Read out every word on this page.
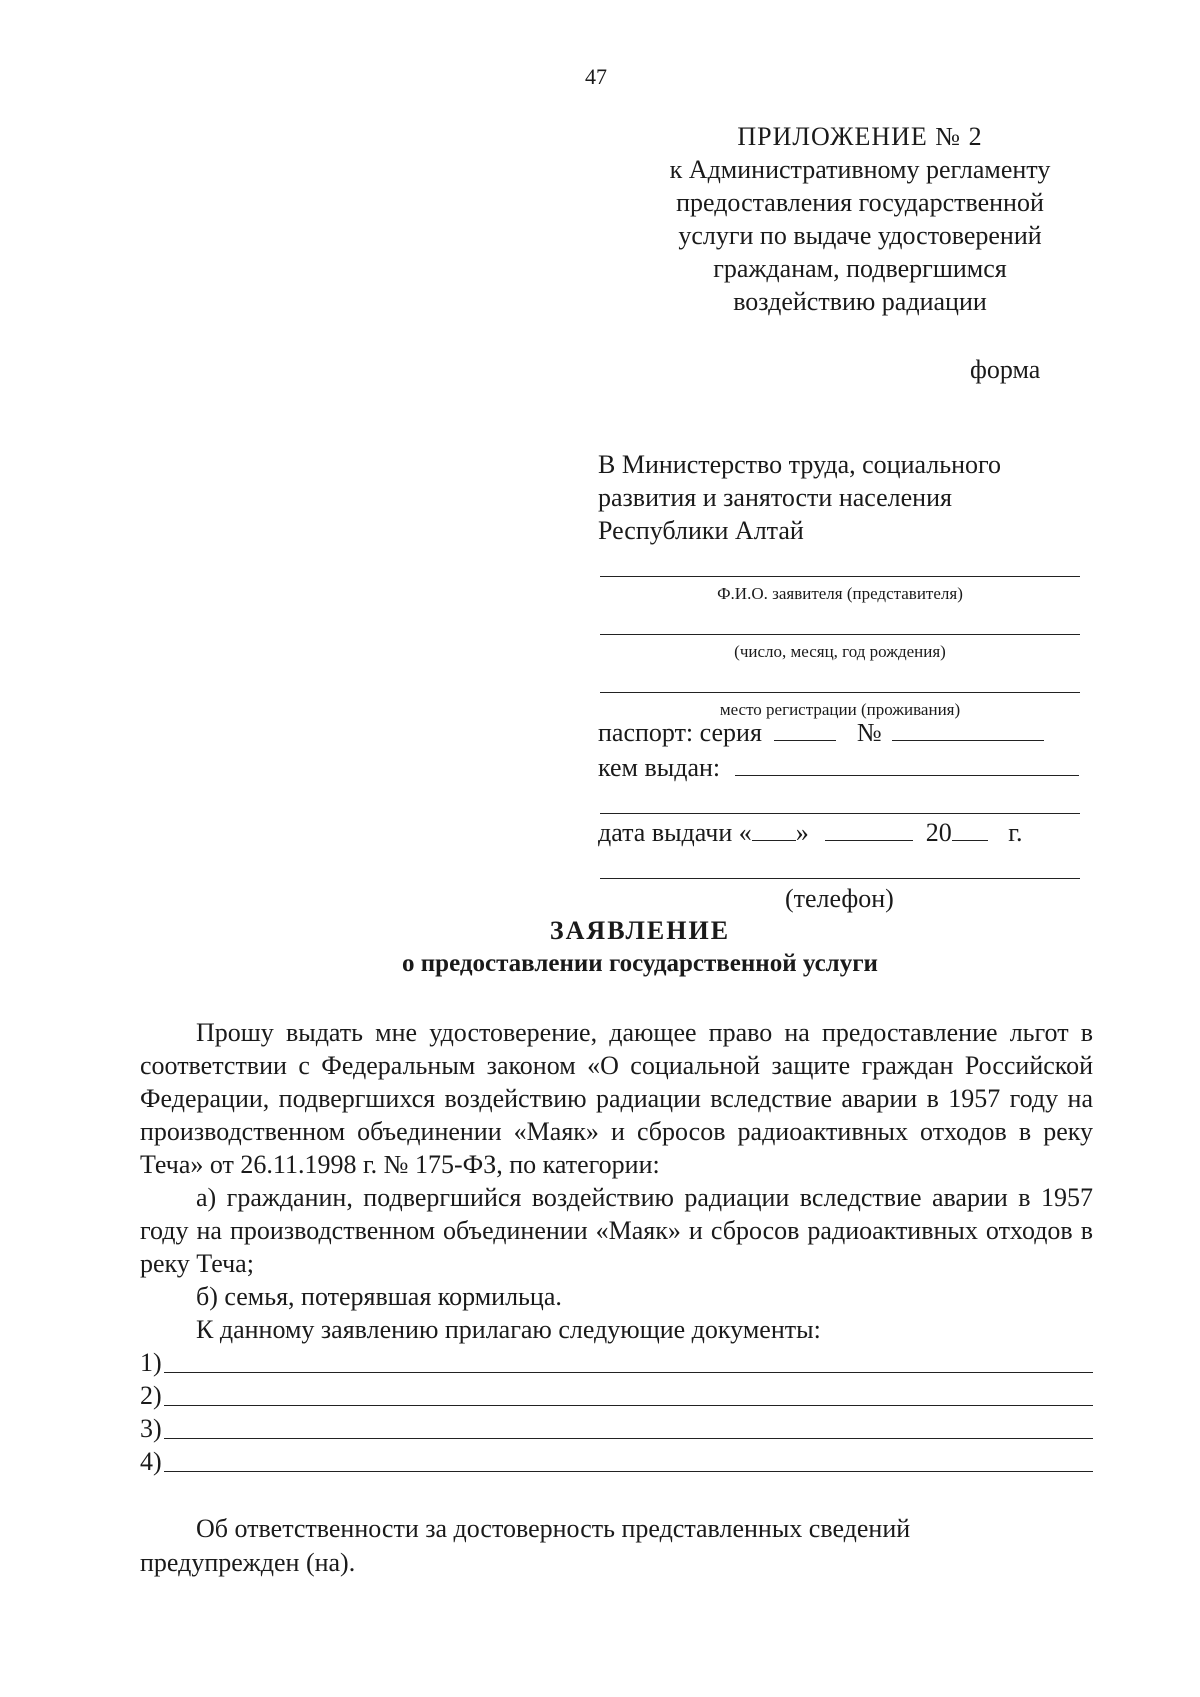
47
ПРИЛОЖЕНИЕ № 2
к Административному регламенту
предоставления государственной
услуги по выдаче удостоверений
гражданам, подвергшимся
воздействию радиации
форма
В Министерство труда, социального
развития и занятости населения
Республики Алтай
Ф.И.О. заявителя (представителя)
(число, месяц, год рождения)
место регистрации (проживания)
паспорт: серия	№
кем выдан:
дата выдачи « »	20 г.
(телефон)
ЗАЯВЛЕНИЕ
о предоставлении государственной услуги

Прошу выдать мне удостоверение, дающее право на предоставление льгот в соответствии с Федеральным законом «О социальной защите граждан Российской Федерации, подвергшихся воздействию радиации вследствие аварии в 1957 году на производственном объединении «Маяк» и сбросов радиоактивных отходов в реку Теча» от 26.11.1998 г. № 175-ФЗ, по категории:

а) гражданин, подвергшийся воздействию радиации вследствие аварии в 1957 году на производственном объединении «Маяк» и сбросов радиоактивных отходов в реку Теча;

б) семья, потерявшая кормильца.

К данному заявлению прилагаю следующие документы:

1)
2)
3)
4)
Об ответственности за достоверность представленных сведений
предупрежден (на).
